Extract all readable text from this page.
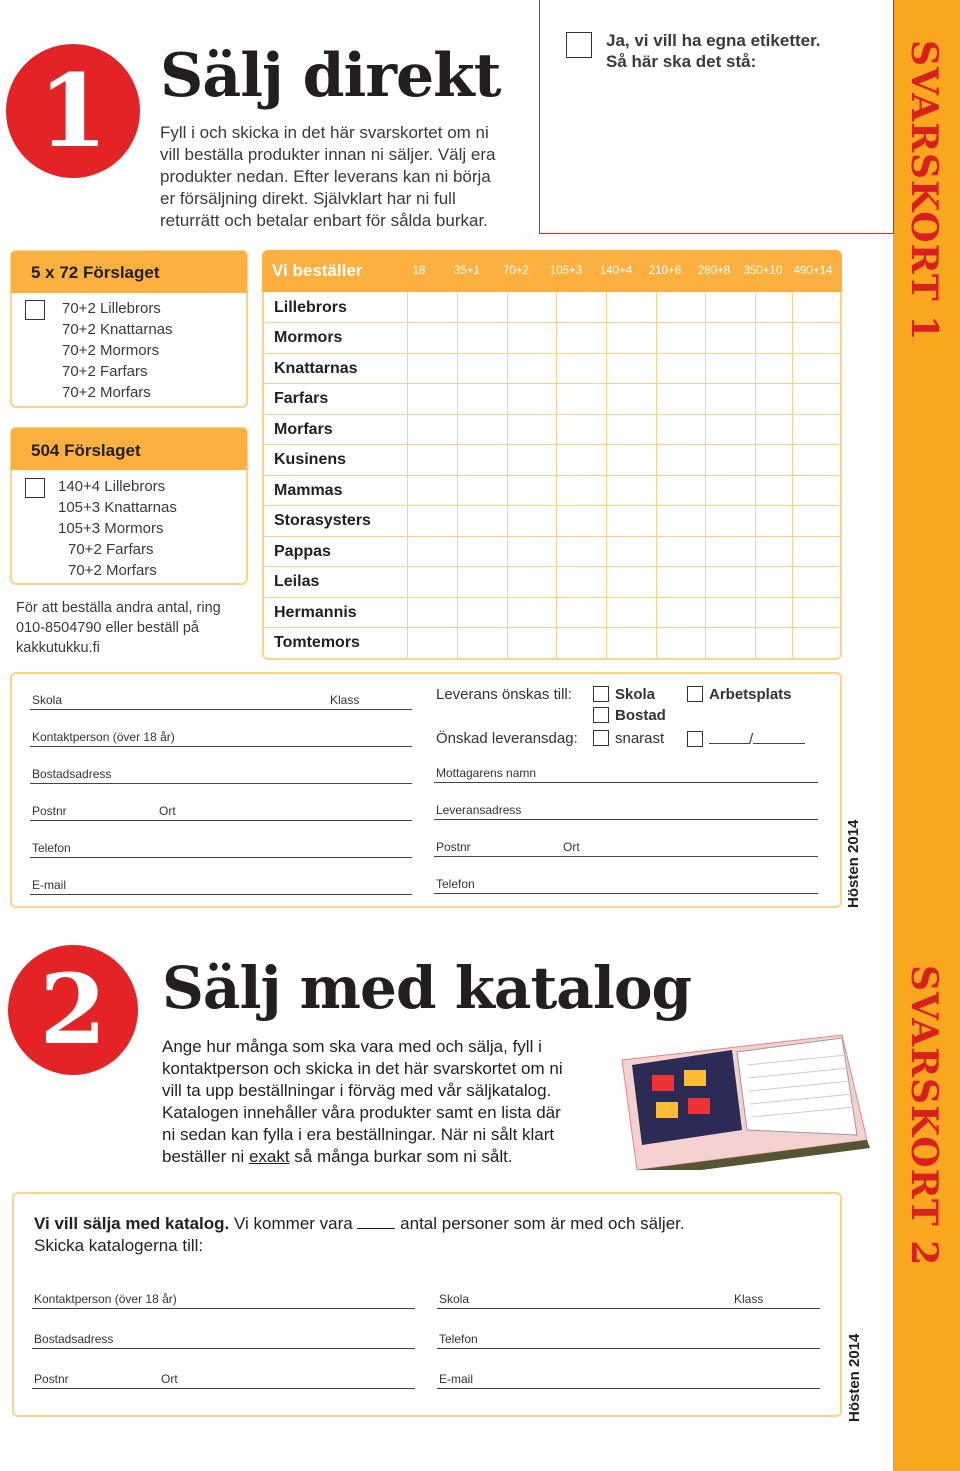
SVARSKORT 1
SVARSKORT 2
Hösten 2014
Hösten 2014
1 Sälj direkt
Fyll i och skicka in det här svarskortet om ni
vill beställa produkter innan ni säljer. Välj era
produkter nedan. Efter leverans kan ni börja
er försäljning direkt. Självklart har ni full
returrätt och betalar enbart för sålda burkar.
Ja, vi vill ha egna etiketter.
Så här ska det stå:
5 x 72 Förslaget
70+2 Lillebrors
70+2 Knattarnas
70+2 Mormors
70+2 Farfars
70+2 Morfars
504 Förslaget
140+4 Lillebrors
105+3 Knattarnas
105+3 Mormors
70+2 Farfars
70+2 Morfars
För att beställa andra antal, ring
010-8504790 eller beställ på
kakkutukku.fi
Vi beställer	18	35+1	70+2	105+3	140+4	210+6	280+8	350+10 490+14
Lillebrors
Mormors
Knattarnas
Farfars
Morfars
Kusinens
Mammas
Storasysters
Pappas
Leilas
Hermannis
Tomtemors
Skola	Klass
Kontaktperson (över 18 år)
Bostadsadress
Postnr	Ort
Telefon
E-mail
Leverans önskas till:	Skola	Arbetsplats
Bostad
Önskad leveransdag:	snarast	/
Mottagarens namn
Leveransadress
Postnr	Ort
Telefon
2 Sälj med katalog
Ange hur många som ska vara med och sälja, fyll i
kontaktperson och skicka in det här svarskortet om ni
vill ta upp beställningar i förväg med vår säljkatalog.
Katalogen innehåller våra produkter samt en lista där
ni sedan kan fylla i era beställningar. När ni sålt klart
beställer ni exakt så många burkar som ni sålt.
Vi vill sälja med katalog. Vi kommer vara  antal personer som är med och säljer.
Skicka katalogerna till:
Kontaktperson (över 18 år)	Skola	Klass
Bostadsadress	Telefon
Postnr	Ort	E-mail
